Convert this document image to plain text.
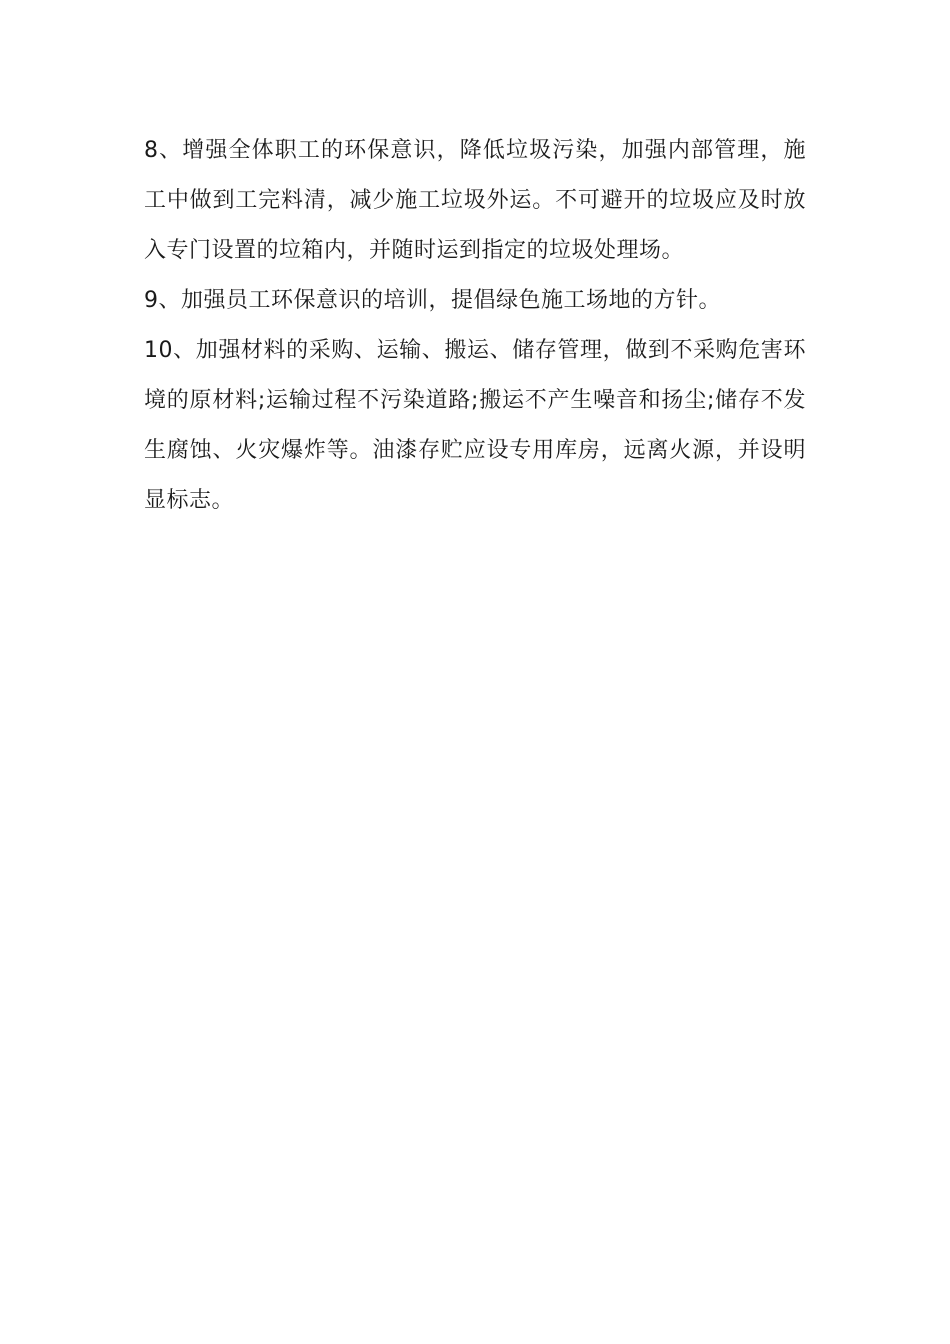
8、增强全体职工的环保意识，降低垃圾污染，加强内部管理，施工中做到工完料清，减少施工垃圾外运。不可避开的垃圾应及时放入专门设置的垃箱内，并随时运到指定的垃圾处理场。

9、加强员工环保意识的培训，提倡绿色施工场地的方针。

10、加强材料的采购、运输、搬运、储存管理，做到不采购危害环境的原材料;运输过程不污染道路;搬运不产生噪音和扬尘;储存不发生腐蚀、火灾爆炸等。油漆存贮应设专用库房，远离火源，并设明显标志。
